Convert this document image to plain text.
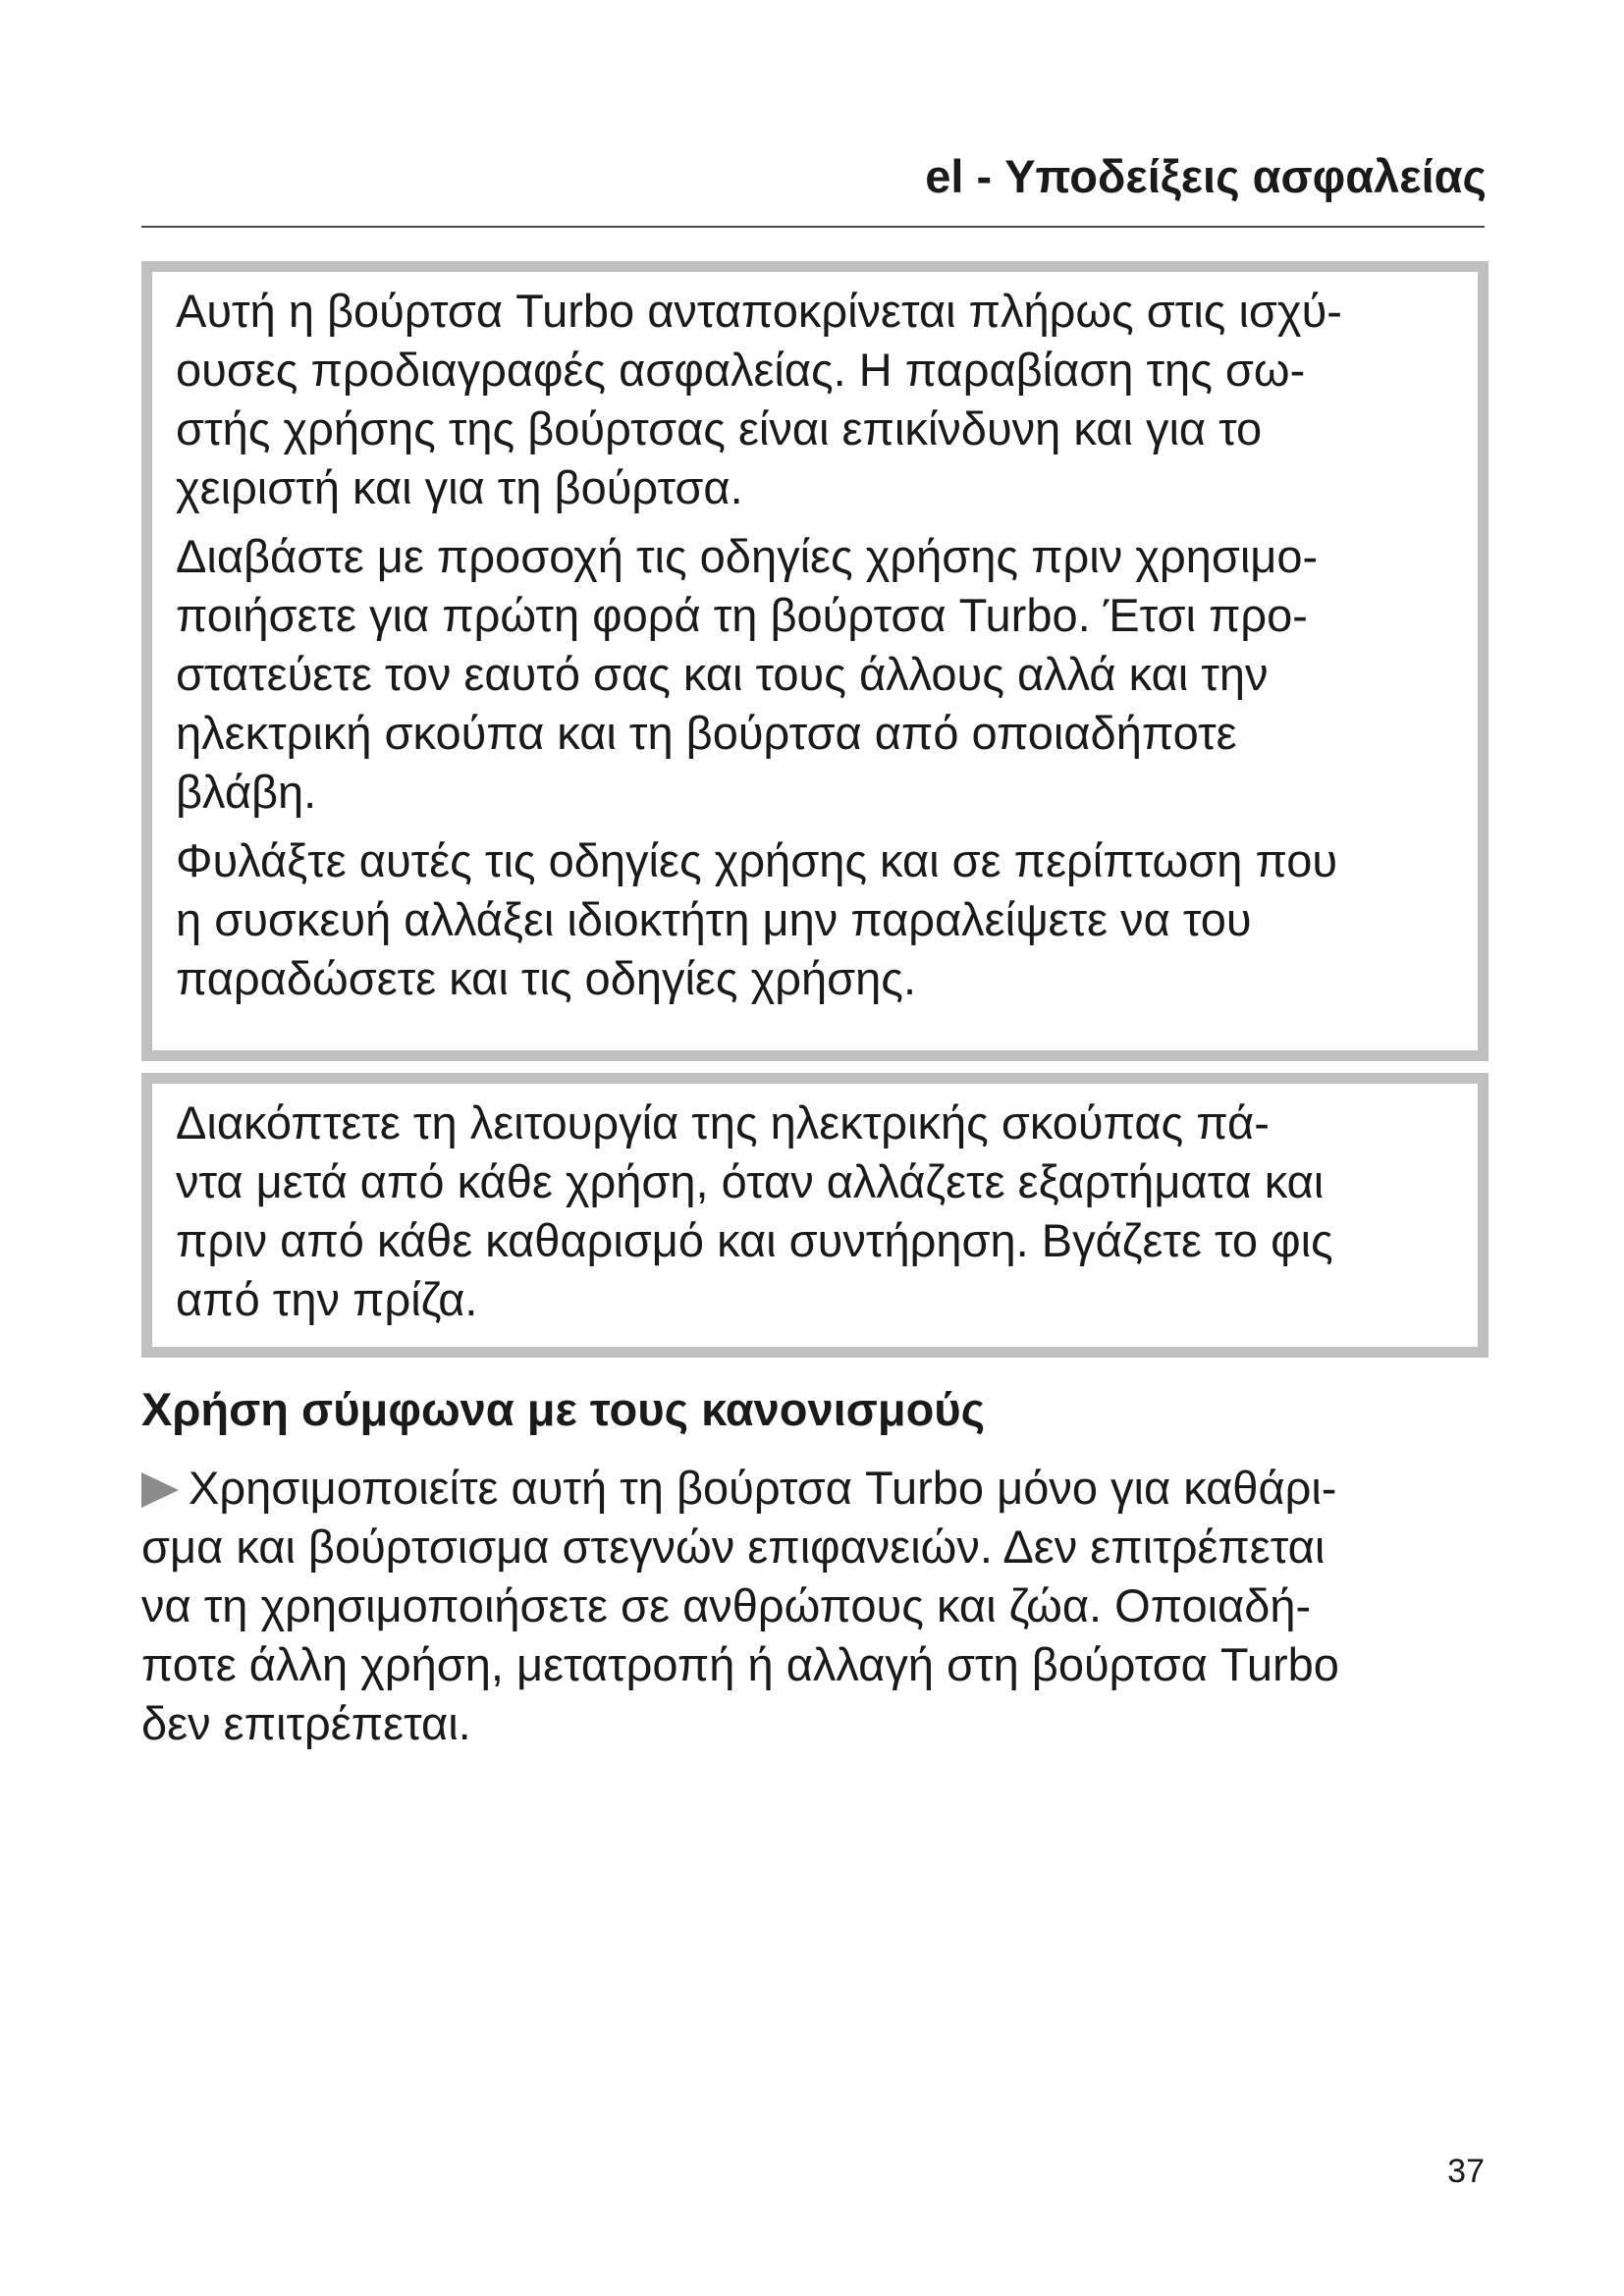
el - Υποδείξεις ασφαλείας

Αυτή η βούρτσα Turbo ανταποκρίνεται πλήρως στις ισχύ-
ουσες προδιαγραφές ασφαλείας. Η παραβίαση της σω-
στής χρήσης της βούρτσας είναι επικίνδυνη και για το
χειριστή και για τη βούρτσα.

Διαβάστε με προσοχή τις οδηγίες χρήσης πριν χρησιμο-
ποιήσετε για πρώτη φορά τη βούρτσα Turbo. Έτσι προ-
στατεύετε τον εαυτό σας και τους άλλους αλλά και την
ηλεκτρική σκούπα και τη βούρτσα από οποιαδήποτε
βλάβη.

Φυλάξτε αυτές τις οδηγίες χρήσης και σε περίπτωση που
η συσκευή αλλάξει ιδιοκτήτη μην παραλείψετε να του
παραδώσετε και τις οδηγίες χρήσης.

Διακόπτετε τη λειτουργία της ηλεκτρικής σκούπας πά-
ντα μετά από κάθε χρήση, όταν αλλάζετε εξαρτήματα και
πριν από κάθε καθαρισμό και συντήρηση. Βγάζετε το φις
από την πρίζα.

Χρήση σύμφωνα με τους κανονισμούς
Χρησιμοποιείτε αυτή τη βούρτσα Turbo μόνο για καθάρι-
σμα και βούρτσισμα στεγνών επιφανειών. Δεν επιτρέπεται
να τη χρησιμοποιήσετε σε ανθρώπους και ζώα. Οποιαδή-
ποτε άλλη χρήση, μετατροπή ή αλλαγή στη βούρτσα Turbo
δεν επιτρέπεται.
37
